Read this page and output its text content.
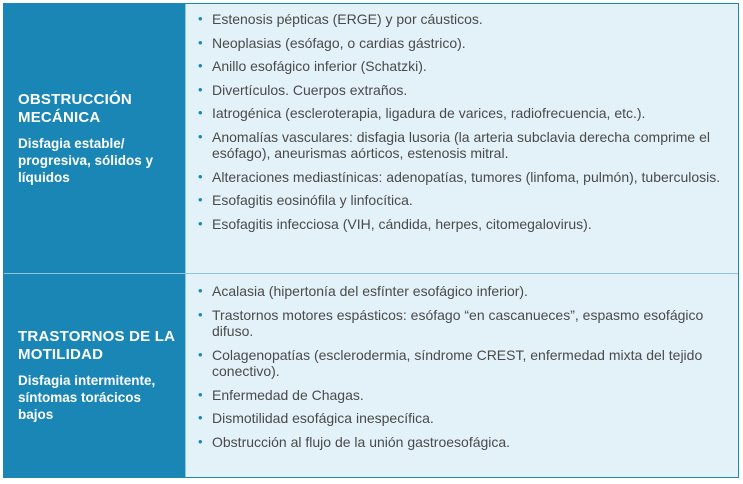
OBSTRUCCIÓN MECÁNICA
Disfagia estable/ progresiva, sólidos y líquidos
• Estenosis pépticas (ERGE) y por cáusticos.
• Neoplasias (esófago, o cardias gástrico).
• Anillo esofágico inferior (Schatzki).
• Divertículos. Cuerpos extraños.
• Iatrogénica (escleroterapia, ligadura de varices, radiofrecuencia, etc.).
• Anomalías vasculares: disfagia lusoria (la arteria subclavia derecha comprime el esófago), aneurismas aórticos, estenosis mitral.
• Alteraciones mediastínicas: adenopatías, tumores (linfoma, pulmón), tuberculosis.
• Esofagitis eosinófila y linfocítica.
• Esofagitis infecciosa (VIH, cándida, herpes, citomegalovirus).
TRASTORNOS DE LA MOTILIDAD
Disfagia intermitente, síntomas torácicos bajos
• Acalasia (hipertonía del esfínter esofágico inferior).
• Trastornos motores espásticos: esófago “en cascanueces”, espasmo esofágico difuso.
• Colagenopatías (esclerodermia, síndrome CREST, enfermedad mixta del tejido conectivo).
• Enfermedad de Chagas.
• Dismotilidad esofágica inespecífica.
• Obstrucción al flujo de la unión gastroesofágica.
